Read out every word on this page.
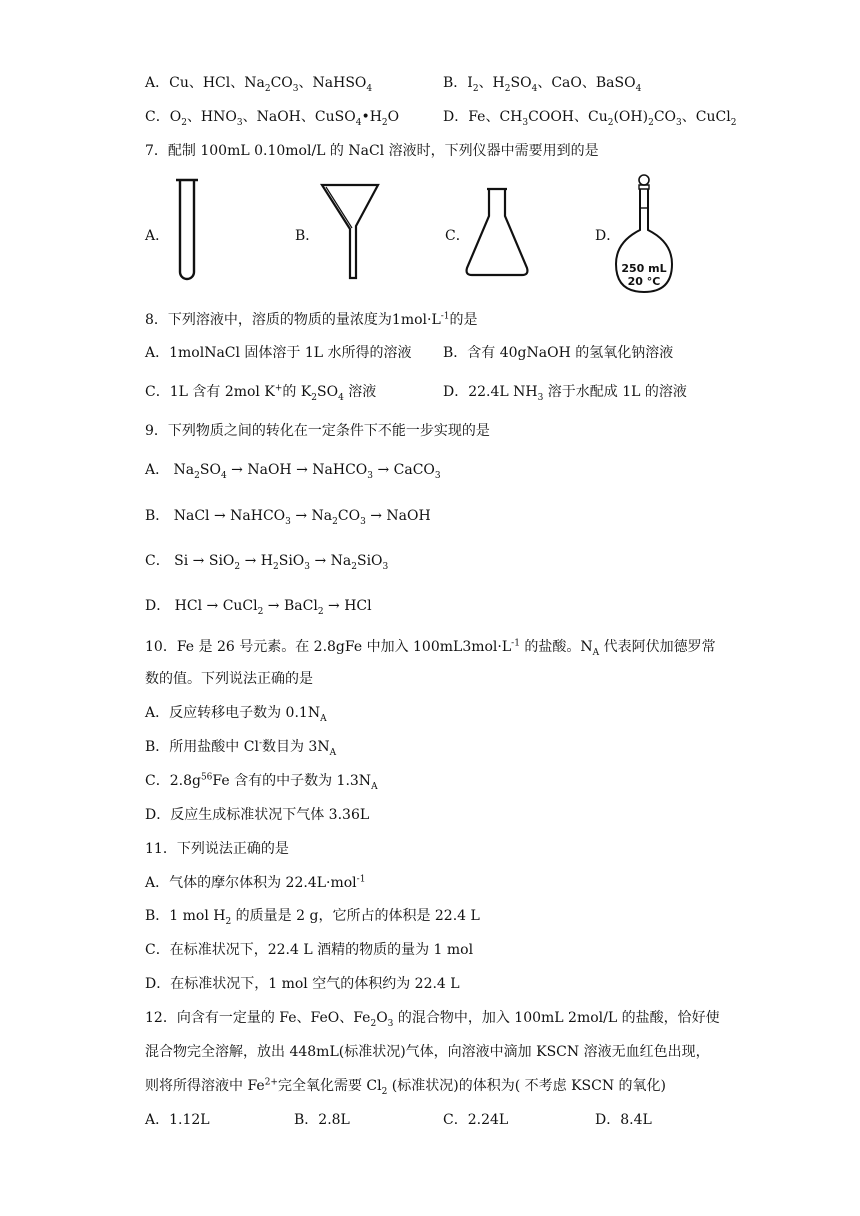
A．Cu、HCl、$Na_2CO_3$、NaHSO$_4$	B．$I_2$、$H_2SO_4$、CaO、BaSO$_4$
C．$O_2$、$HNO_3$、NaOH、$CuSO_4•H_2O$	D．Fe、$CH_3COOH$、$Cu_2(OH)_2CO_3$、CuCl$_2$
7．配制 100mL 0.10mol/L 的 NaCl 溶液时，下列仪器中需要用到的是
A．	B．	C．	D．
250 mL
20 °C
8．下列溶液中，溶质的物质的量浓度为$1mol\cdot L^{-1}$的是
A．1molNaCl 固体溶于 1L 水所得的溶液 B．含有 40gNaOH 的氢氧化钠溶液
C．1L 含有 2mol K+的 $K_2SO_4$ 溶液	D．22.4L $NH_3$ 溶于水配成 1L 的溶液
9．下列物质之间的转化在一定条件下不能一步实现的是
A． $Na_2SO_4$ → NaOH → NaHCO$_3$ → CaCO$_3$
B． NaCl → NaHCO$_3$ → $Na_2CO_3$ → NaOH
C． $Si \to SiO_2 \to H_2SiO_3 \to Na_2SiO_3$
D． HCl → CuCl$_2$ → BaCl$_2$ → HCl
10．Fe 是 26 号元素。在 2.8gFe 中加入 $100mL3mol\cdot L^{-1}$ 的盐酸。$N_A$ 代表阿伏加德罗常
数的值。下列说法正确的是
A．反应转移电子数为 $0.1N_A$
B．所用盐酸中 Cl-数目为 $3N_A$
C．$2.8g^{56}Fe$ 含有的中子数为 $1.3N_A$
D．反应生成标准状况下气体 3.36L
11．下列说法正确的是
A．气体的摩尔体积为 22.4L·mol$^{-1}$
B．1 mol $H_2$ 的质量是 2 g，它所占的体积是 22.4 L
C．在标准状况下，22.4 L 酒精的物质的量为 1 mol
D．在标准状况下，1 mol 空气的体积约为 22.4 L
12．向含有一定量的 Fe、FeO、$Fe_2O_3$ 的混合物中，加入 100mL 2mol/L 的盐酸，恰好使
混合物完全溶解，放出 448mL(标准状况)气体，向溶液中滴加 KSCN 溶液无血红色出现，
则将所得溶液中 $Fe^{2+}$完全氧化需要 $Cl_2$ (标准状况)的体积为( 不考虑 KSCN 的氧化)
A．1.12L	B．2.8L	C．2.24L	D．8.4L
